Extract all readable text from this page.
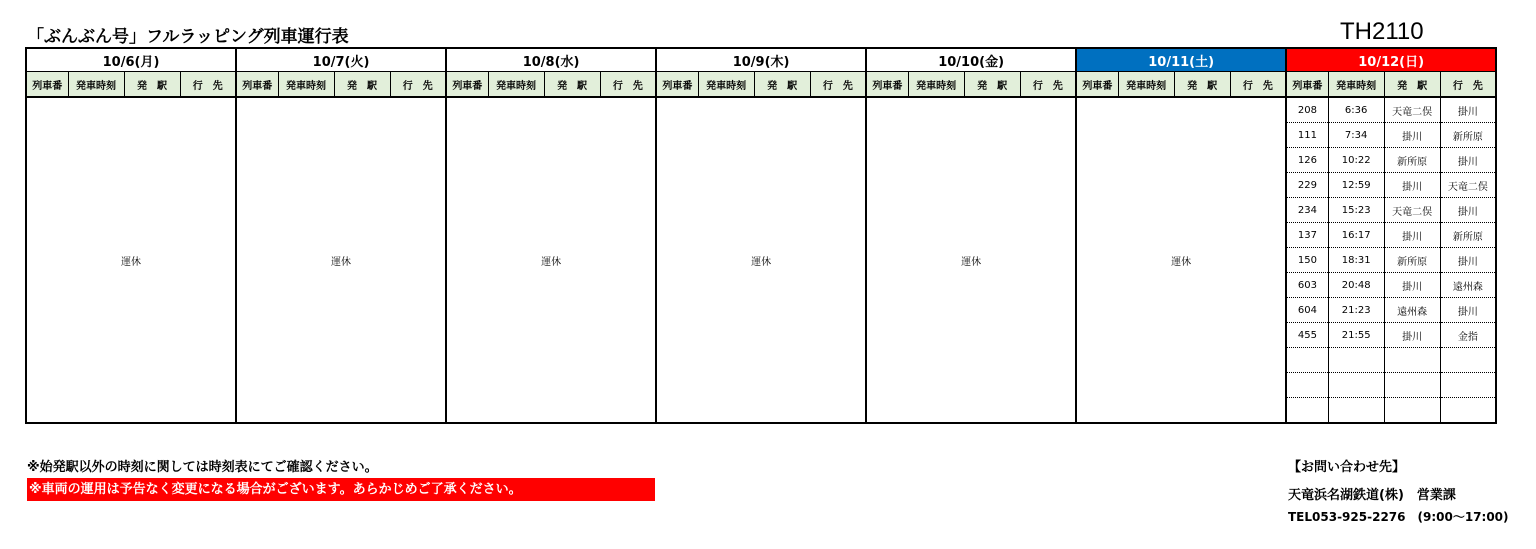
「ぶんぶん号」フルラッピング列車運行表	TH2110
10/6(月)				10/7(火)				10/8(水)				10/9(木)				10/10(金)				10/11(土)				10/12(日)			
列車番	発車時刻	発　駅	行　先	列車番	発車時刻	発　駅	行　先	列車番	発車時刻	発　駅	行　先	列車番	発車時刻	発　駅	行　先	列車番	発車時刻	発　駅	行　先	列車番	発車時刻	発　駅	行　先	列車番	発車時刻	発　駅	行　先
運休				運休				運休				運休				運休				運休				208	6:36	天竜二俣	掛川
																								111	7:34	掛川	新所原
																								126	10:22	新所原	掛川
																								229	12:59	掛川	天竜二俣
																								234	15:23	天竜二俣	掛川
																								137	16:17	掛川	新所原
																								150	18:31	新所原	掛川
																								603	20:48	掛川	遠州森
																								604	21:23	遠州森	掛川
																								455	21:55	掛川	金指

※始発駅以外の時刻に関しては時刻表にてご確認ください。
※車両の運用は予告なく変更になる場合がございます。あらかじめご了承ください。
【お問い合わせ先】
天竜浜名湖鉄道(株)　営業課
TEL053-925-2276　(9:00〜17:00)
